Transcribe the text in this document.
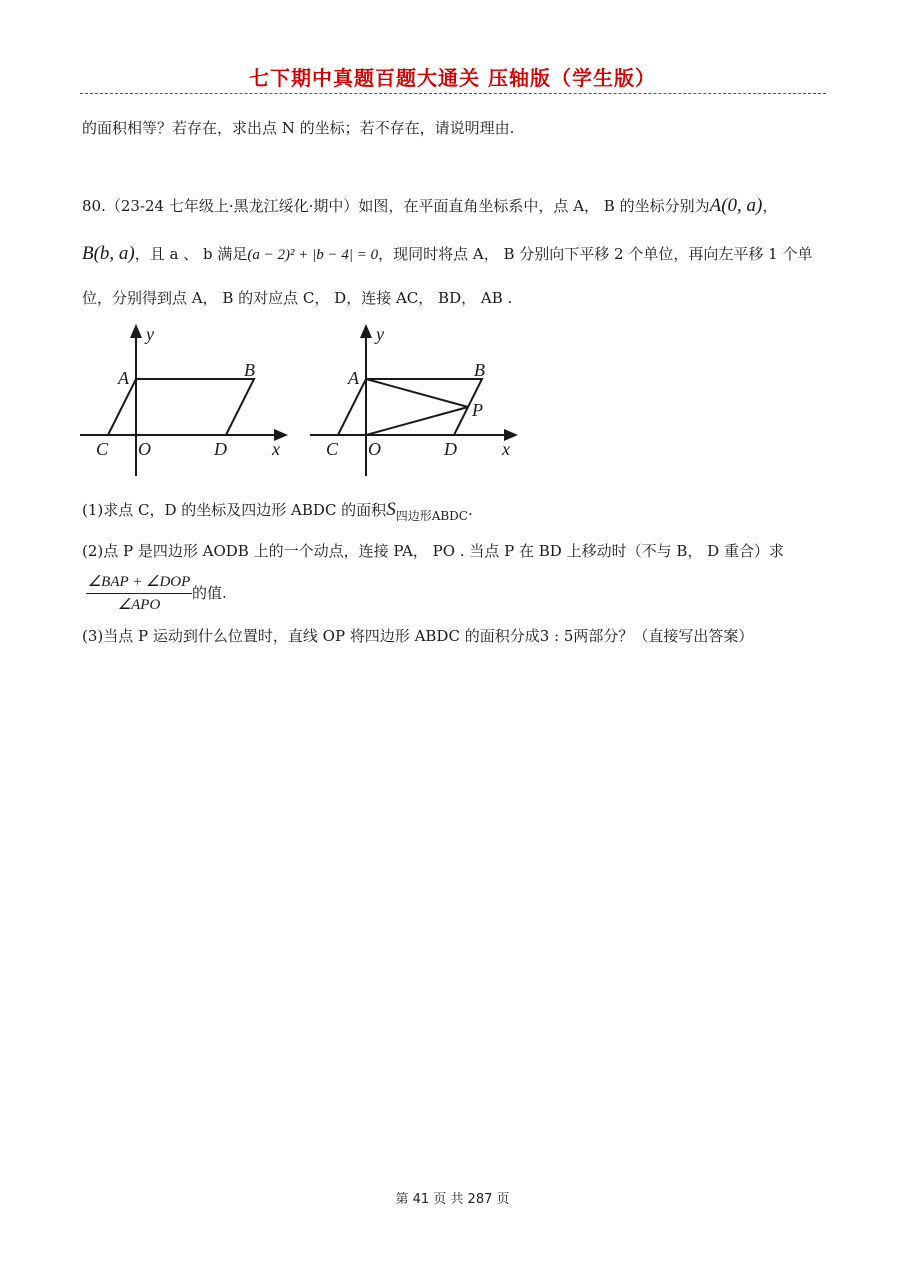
七下期中真题百题大通关 压轴版（学生版）
的面积相等？若存在，求出点 N 的坐标；若不存在，请说明理由.
80.（23-24 七年级上·黑龙江绥化·期中）如图，在平面直角坐标系中，点 A， B 的坐标分别为A(0, a)，
B(b, a)，且 a 、 b 满足(a − 2)² + |b − 4| = 0，现同时将点 A， B 分别向下平移 2 个单位，再向左平移 1 个单
位，分别得到点 A， B 的对应点 C， D，连接 AC， BD， AB .
y
x
A	B
C O	D
y
x
A	B
C O	D
P
(1)求点 C，D 的坐标及四边形 ABDC 的面积$S_{四边形ABDC}$.
(2)点 P 是四边形 AODB 上的一个动点，连接 PA， PO . 当点 P 在 BD 上移动时（不与 B， D 重合）求
∠BAP + ∠DOP
∠APO
的值.
(3)当点 P 运动到什么位置时，直线 OP 将四边形 ABDC 的面积分成3 : 5两部分？（直接写出答案）
第 41 页 共 287 页
